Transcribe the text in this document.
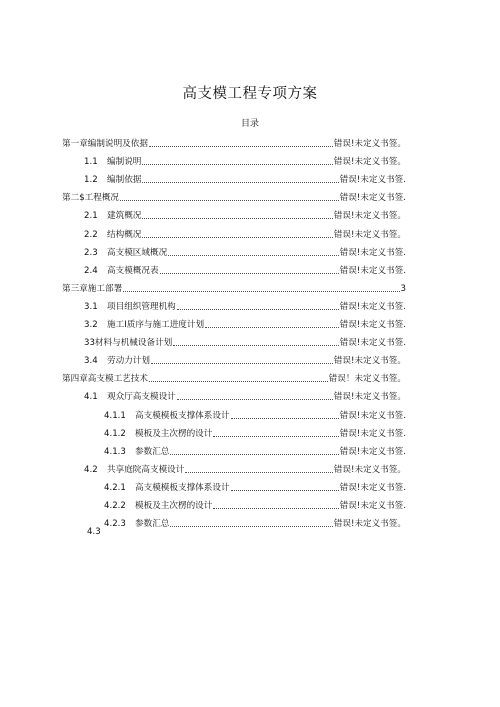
高支模工程专项方案
目录
第一章编制说明及依据	错误!未定义书签。
1.1	编制说明	错误!未定义书签。
1.2	编制依据	错误!未定义书签.
第二$工程概况	错误!未定义书签.
2.1	建筑概况	错误!未定义书签。
2.2	结构概况	错误!未定义书签。
2.3	高支模区域概况	错误!未定义书签.
2.4	高支模概况表	错误!未定义书签.
第三章施工部署	3
3.1	项目组织管理机构	错误!未定义书签.
3.2	施工I质序与施工进度计划	错误!未定义书签.
33材料与机械设备计划	错误!未定义书签.
3.4	劳动力计划	错误!未定义书签。
第四章高支模工艺技术	错误！未定义书签。
4.1	观众厅高支模设计	错误!未定义书签。
4.1.1	高支模模板支撑体系设计	错误!未定义书签.
4.1.2	模板及主次楞的设计	错误!未定义书签.
4.1.3	参数汇总	错误!未定义书签.
4.2	共享庭院高支模设计	错误!未定义书签。
4.2.1	高支模模板支撑体系设计	错误!未定义书签.
4.2.2	模板及主次楞的设计	错误!未定义书签.
4.2.3	参数汇总	错误!未定义书签。
4.3
